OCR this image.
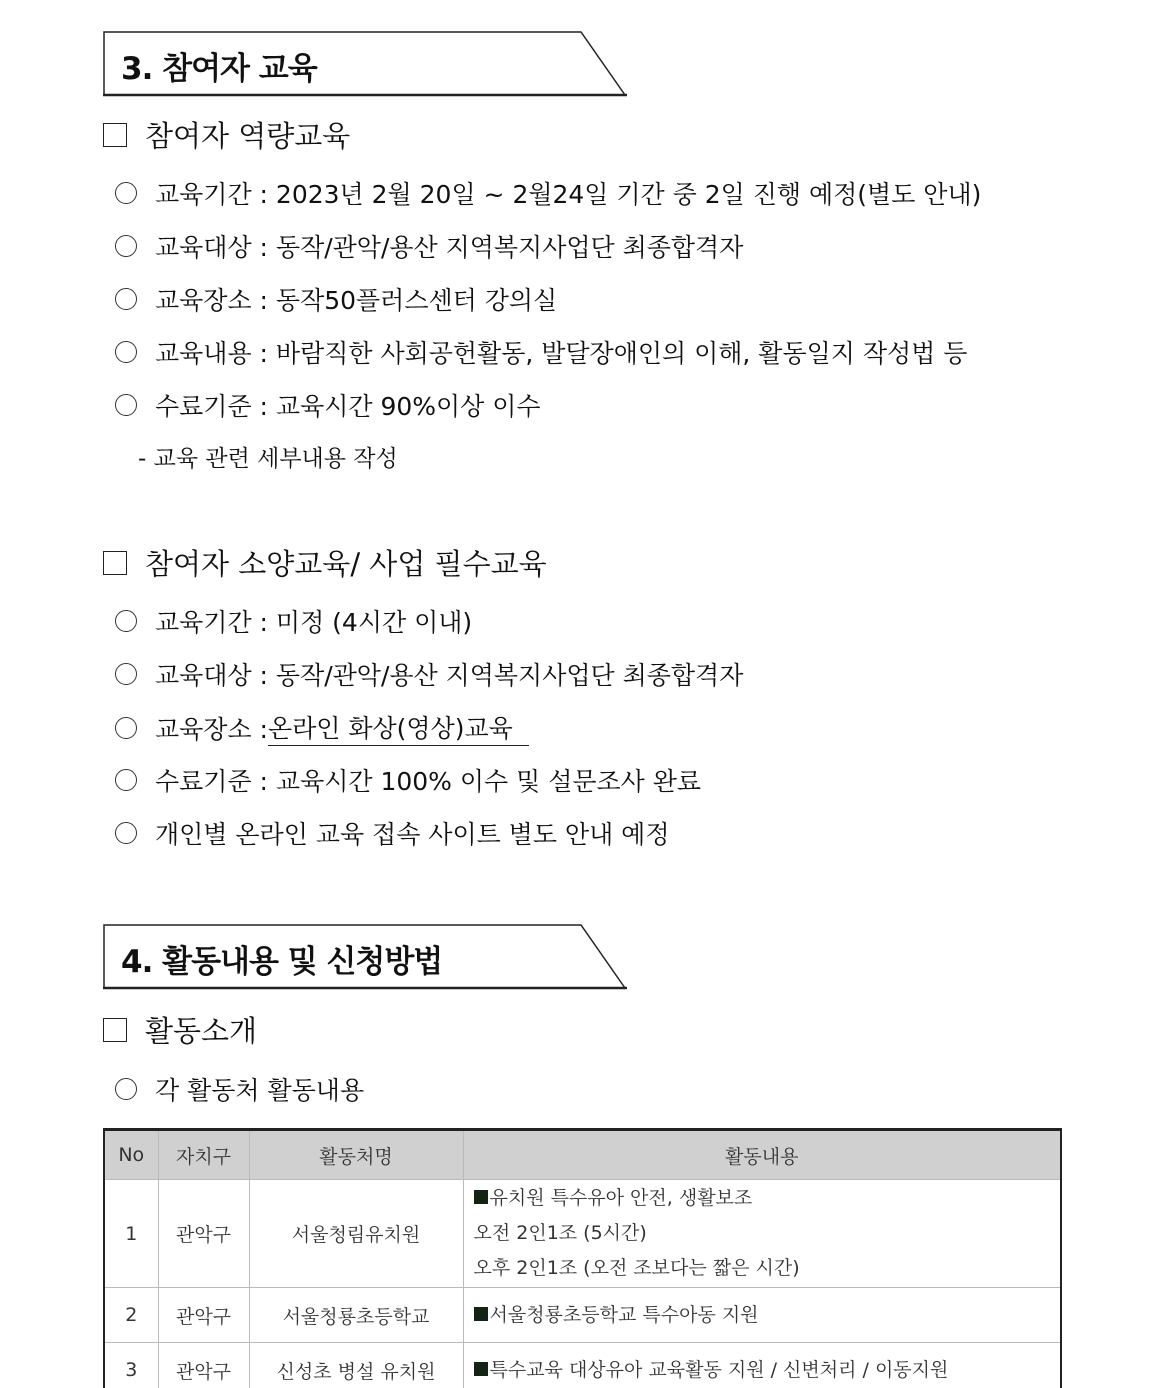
3. 참여자 교육
참여자 역량교육
교육기간 : 2023년 2월 20일 ~ 2월24일 기간 중 2일 진행 예정(별도 안내)
교육대상 : 동작/관악/용산 지역복지사업단 최종합격자
교육장소 : 동작50플러스센터 강의실
교육내용 : 바람직한 사회공헌활동, 발달장애인의 이해, 활동일지 작성법 등
수료기준 : 교육시간 90%이상 이수
- 교육 관련 세부내용 작성
참여자 소양교육/ 사업 필수교육
교육기간 : 미정 (4시간 이내)
교육대상 : 동작/관악/용산 지역복지사업단 최종합격자
교육장소 : 온라인 화상(영상)교육
수료기준 : 교육시간 100% 이수 및 설문조사 완료
개인별 온라인 교육 접속 사이트 별도 안내 예정
4. 활동내용 및 신청방법
활동소개
각 활동처 활동내용
No	자치구	활동처명	활동내용
1	관악구	서울청림유치원	유치원 특수유아 안전, 생활보조
오전 2인1조 (5시간)
오후 2인1조 (오전 조보다는 짧은 시간)

2	관악구	서울청룡초등학교	서울청룡초등학교 특수아동 지원

3	관악구	신성초 병설 유치원	특수교육 대상유아 교육활동 지원 / 신변처리 / 이동지원
